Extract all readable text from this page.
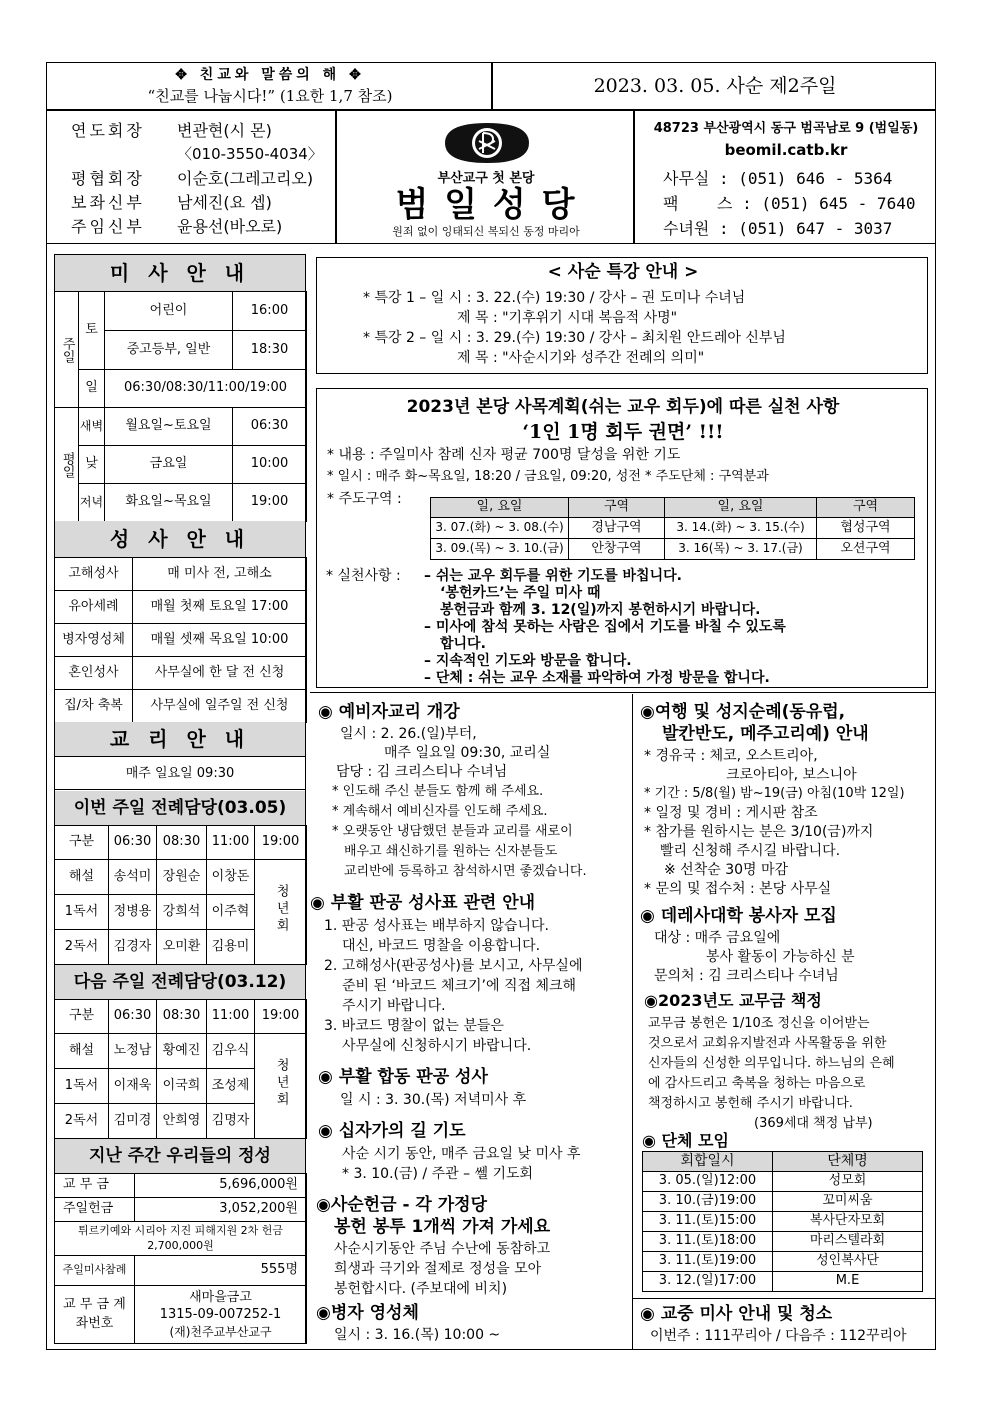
✥ 친교와 말씀의 해 ✥
“친교를 나눕시다!” (1요한 1,7 참조)	2023. 03. 05. 사순 제2주일
연도회장 변관현(시 몬)
〈010-3550-4034〉
평협회장 이순호(그레고리오)
보좌신부 남세진(요 셉)
주임신부 윤용선(바오로)
부산교구 첫 본당
범 일 성 당
원죄 없이 잉태되신 복되신 동정 마리아
48723 부산광역시 동구 범곡남로 9 (범일동)
beomil.catb.kr
사무실 : (051) 646 - 5364
팩    스 : (051) 645 - 7640
수녀원 : (051) 647 - 3037
미 사 안 내
주일	토	어린이	16:00
		중고등부, 일반	18:30
	일	06:30/08:30/11:00/19:00	
평일	새벽	월요일~토요일	06:30
	낮	금요일	10:00
	저녁	화요일~목요일	19:00
성 사 안 내
고해성사	매 미사 전, 고해소
유아세례	매월 첫째 토요일 17:00
병자영성체	매월 셋째 목요일 10:00
혼인성사	사무실에 한 달 전 신청
집/차 축복	사무실에 일주일 전 신청
교 리 안 내
매주 일요일 09:30
이번 주일 전례담당(03.05)
구분	06:30	08:30	11:00	19:00
해설	송석미	장원순	이창돈	청년회
1독서	정병용	강희석	이주혁	
2독서	김경자	오미환	김용미	
다음 주일 전례담당(03.12)
구분	06:30	08:30	11:00	19:00
해설	노정남	황예진	김우식	청년회
1독서	이재욱	이국희	조성제	
2독서	김미경	안희영	김명자	
지난 주간 우리들의 정성
교 무 금	5,696,000원
주일헌금	3,052,200원

튀르키예와 시리아 지진 피해지원 2차 헌금
2,700,000원	

주일미사참례	555명
교 무 금 계좌번호	새마을금고
1315-09-007252-1
(재)천주교부산교구
< 사순 특강 안내 >
* 특강 1 – 일 시 : 3. 22.(수) 19:30 / 강사 – 권 도미나 수녀님
제 목 : "기후위기 시대 복음적 사명"
* 특강 2 – 일 시 : 3. 29.(수) 19:30 / 강사 – 최치원 안드레아 신부님
제 목 : "사순시기와 성주간 전례의 의미"
2023년 본당 사목계획(쉬는 교우 회두)에 따른 실천 사항
‘1인 1명 회두 권면’ !!!
* 내용 : 주일미사 참례 신자 평균 700명 달성을 위한 기도
* 일시 : 매주 화~목요일, 18:20 / 금요일, 09:20, 성전 * 주도단체 : 구역분과
* 주도구역 :	일, 요일	구역	일, 요일	구역
3. 07.(화) ~ 3. 08.(수)	경남구역	3. 14.(화) ~ 3. 15.(수)	협성구역
3. 09.(목) ~ 3. 10.(금)	안창구역	3. 16(목) ~ 3. 17.(금)	오션구역
* 실천사항 : – 쉬는 교우 회두를 위한 기도를 바칩니다.
‘봉헌카드’는 주일 미사 때
봉헌금과 함께 3. 12(일)까지 봉헌하시기 바랍니다.
– 미사에 참석 못하는 사람은 집에서 기도를 바칠 수 있도록
합니다.
– 지속적인 기도와 방문을 합니다.
– 단체 : 쉬는 교우 소재를 파악하여 가정 방문을 합니다.
◉ 예비자교리 개강
일시 : 2. 26.(일)부터,
매주 일요일 09:30, 교리실
담당 : 김 크리스티나 수녀님
* 인도해 주신 분들도 함께 해 주세요.
* 계속해서 예비신자를 인도해 주세요.
* 오랫동안 냉담했던 분들과 교리를 새로이
배우고 쇄신하기를 원하는 신자분들도
교리반에 등록하고 참석하시면 좋겠습니다.
◉ 부활 판공 성사표 관련 안내
1. 판공 성사표는 배부하지 않습니다.
대신, 바코드 명찰을 이용합니다.
2. 고해성사(판공성사)를 보시고, 사무실에
준비 된 ‘바코드 체크기’에 직접 체크해
주시기 바랍니다.
3. 바코드 명찰이 없는 분들은
사무실에 신청하시기 바랍니다.
◉ 부활 합동 판공 성사
일 시 : 3. 30.(목) 저녁미사 후
◉ 십자가의 길 기도
사순 시기 동안, 매주 금요일 낮 미사 후
* 3. 10.(금) / 주관 – 쎌 기도회
◉사순헌금 - 각 가정당
봉헌 봉투 1개씩 가져 가세요
사순시기동안 주님 수난에 동참하고
희생과 극기와 절제로 정성을 모아
봉헌합시다. (주보대에 비치)
◉병자 영성체
일시 : 3. 16.(목) 10:00 ~
◉여행 및 성지순례(동유럽,
발칸반도, 메주고리예) 안내
* 경유국 : 체코, 오스트리아,
크로아티아, 보스니아
* 기간 : 5/8(월) 밤~19(금) 아침(10박 12일)
* 일정 및 경비 : 게시판 참조
* 참가를 원하시는 분은 3/10(금)까지
빨리 신청해 주시길 바랍니다.
※ 선착순 30명 마감
* 문의 및 접수처 : 본당 사무실
◉ 데레사대학 봉사자 모집
대상 : 매주 금요일에
봉사 활동이 가능하신 분
문의처 : 김 크리스티나 수녀님
◉2023년도 교무금 책정
교무금 봉헌은 1/10조 정신을 이어받는
것으로서 교회유지발전과 사목활동을 위한
신자들의 신성한 의무입니다. 하느님의 은혜
에 감사드리고 축복을 청하는 마음으로
책정하시고 봉헌해 주시기 바랍니다.
(369세대 책정 납부)
◉ 단체 모임
회합일시	단체명
3. 05.(일)12:00	성모회
3. 10.(금)19:00	꼬미씨움
3. 11.(토)15:00	복사단자모회
3. 11.(토)18:00	마리스텔라회
3. 11.(토)19:00	성인복사단
3. 12.(일)17:00	M.E
◉ 교중 미사 안내 및 청소
이번주 : 111꾸리아 / 다음주 : 112꾸리아
